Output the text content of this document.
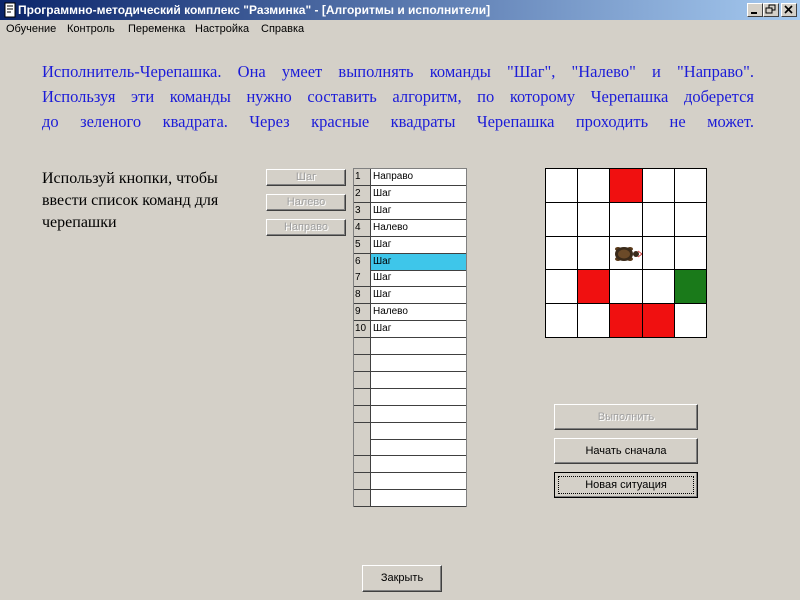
Программно-методический комплекс "Разминка" - [Алгоритмы и исполнители]
Обучение Контроль Переменка Настройка Справка
Исполнитель-Черепашка. Она умеет выполнять команды "Шаг", "Налево" и "Направо".
Используя эти команды нужно составить алгоритм, по которому Черепашка доберется
до зеленого квадрата. Через красные квадраты Черепашка проходить не может.
Используй кнопки, чтобы ввести список команд для черепашки
Шаг
Налево
Направо
1	Направо
2	Шаг
3	Шаг
4	Налево
5	Шаг
6	Шаг
7	Шаг
8	Шаг
9	Налево
10 Шаг
Выполнить
Начать сначала
Новая ситуация
Закрыть
